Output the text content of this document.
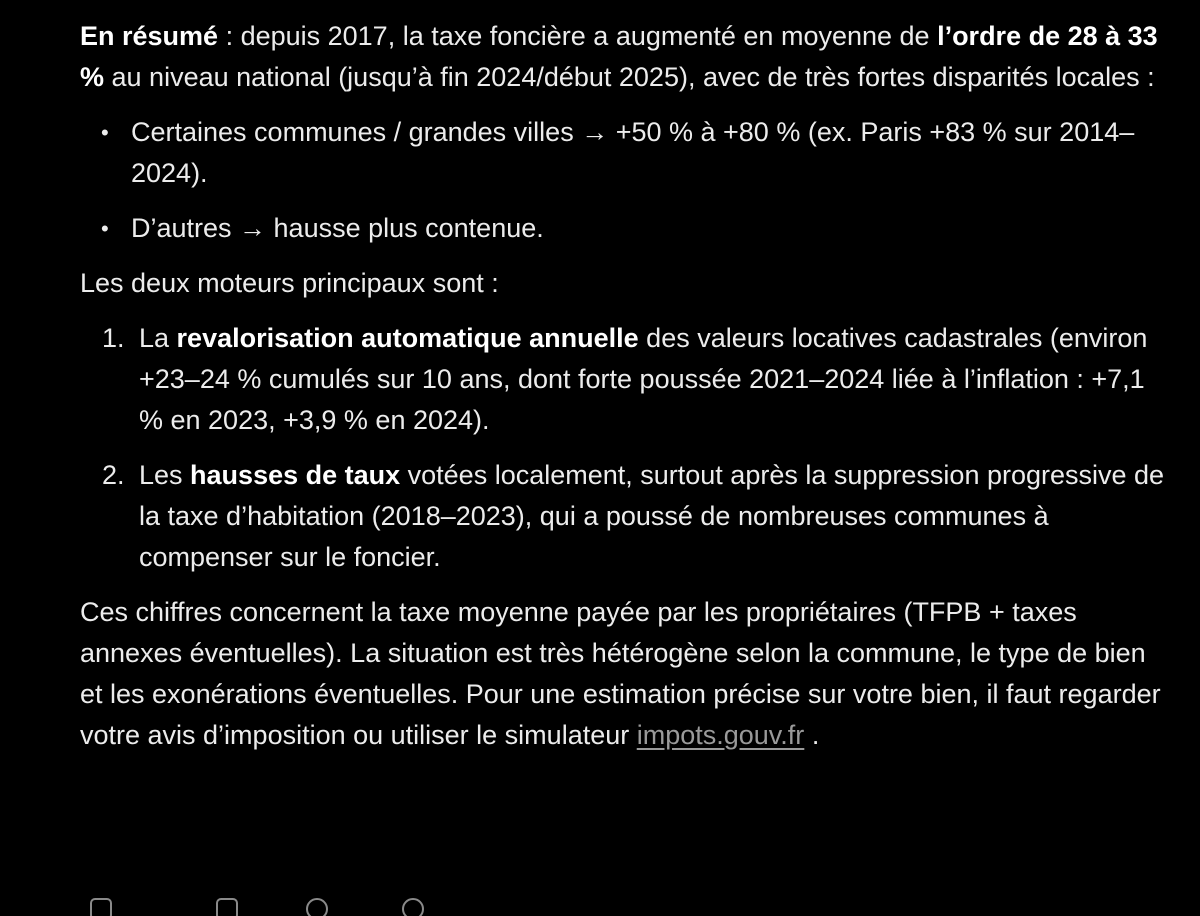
En résumé : depuis 2017, la taxe foncière a augmenté en moyenne de l’ordre de 28 à 33 % au niveau national (jusqu’à fin 2024/début 2025), avec de très fortes disparités locales :

• Certaines communes / grandes villes → +50 % à +80 % (ex. Paris +83 % sur 2014–2024).
• D’autres → hausse plus contenue.

Les deux moteurs principaux sont :

1. La revalorisation automatique annuelle des valeurs locatives cadastrales (environ +23–24 % cumulés sur 10 ans, dont forte poussée 2021–2024 liée à l’inflation : +7,1 % en 2023, +3,9 % en 2024).
2. Les hausses de taux votées localement, surtout après la suppression progressive de la taxe d’habitation (2018–2023), qui a poussé de nombreuses communes à compenser sur le foncier.

Ces chiffres concernent la taxe moyenne payée par les propriétaires (TFPB + taxes annexes éventuelles). La situation est très hétérogène selon la commune, le type de bien et les exonérations éventuelles. Pour une estimation précise sur votre bien, il faut regarder votre avis d’imposition ou utiliser le simulateur impots.gouv.fr .
